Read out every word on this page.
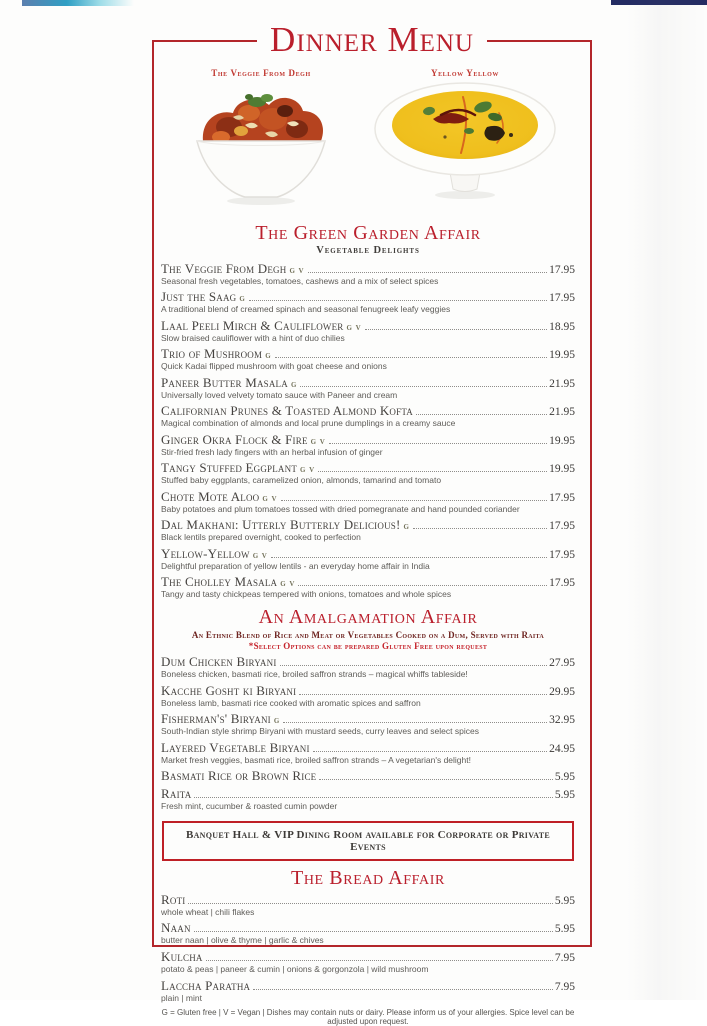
Dinner Menu
The Veggie From Degh	Yellow Yellow
The Green Garden Affair
Vegetable Delights
The Veggie From Degh G V	17.95
Seasonal fresh vegetables, tomatoes, cashews and a mix of select spices
Just the Saag G	17.95
A traditional blend of creamed spinach and seasonal fenugreek leafy veggies
Laal Peeli Mirch & Cauliflower G V	18.95
Slow braised cauliflower with a hint of duo chilies
Trio of Mushroom G	19.95
Quick Kadai flipped mushroom with goat cheese and onions
Paneer Butter Masala G	21.95
Universally loved velvety tomato sauce with Paneer and cream
Californian Prunes & Toasted Almond Kofta	21.95
Magical combination of almonds and local prune dumplings in a creamy sauce
Ginger Okra Flock & Fire G V	19.95
Stir-fried fresh lady fingers with an herbal infusion of ginger
Tangy Stuffed Eggplant G V	19.95
Stuffed baby eggplants, caramelized onion, almonds, tamarind and tomato
Chote Mote Aloo G V	17.95
Baby potatoes and plum tomatoes tossed with dried pomegranate and hand pounded coriander
Dal Makhani: Utterly Butterly Delicious! G	17.95
Black lentils prepared overnight, cooked to perfection
Yellow-Yellow G V	17.95
Delightful preparation of yellow lentils - an everyday home affair in India
The Cholley Masala G V	17.95
Tangy and tasty chickpeas tempered with onions, tomatoes and whole spices
An Amalgamation Affair
An Ethnic Blend of Rice and Meat or Vegetables Cooked on a Dum, Served with Raita
*Select Options can be prepared Gluten Free upon request
Dum Chicken Biryani	27.95
Boneless chicken, basmati rice, broiled saffron strands – magical whiffs tableside!
Kacche Gosht ki Biryani	29.95
Boneless lamb, basmati rice cooked with aromatic spices and saffron
Fisherman's' Biryani G	32.95
South-Indian style shrimp Biryani with mustard seeds, curry leaves and select spices
Layered Vegetable Biryani	24.95
Market fresh veggies, basmati rice, broiled saffron strands – A vegetarian's delight!
Basmati Rice or Brown Rice	5.95
Raita	5.95
Fresh mint, cucumber & roasted cumin powder
Banquet Hall & VIP Dining Room available for Corporate or Private Events
The Bread Affair
Roti	5.95
whole wheat | chili flakes
Naan	5.95
butter naan | olive & thyme | garlic & chives
Kulcha	7.95
potato & peas | paneer & cumin | onions & gorgonzola | wild mushroom
Laccha Paratha	7.95
plain | mint
G = Gluten free | V = Vegan | Dishes may contain nuts or dairy. Please inform us of your allergies. Spice level can be adjusted upon request.
